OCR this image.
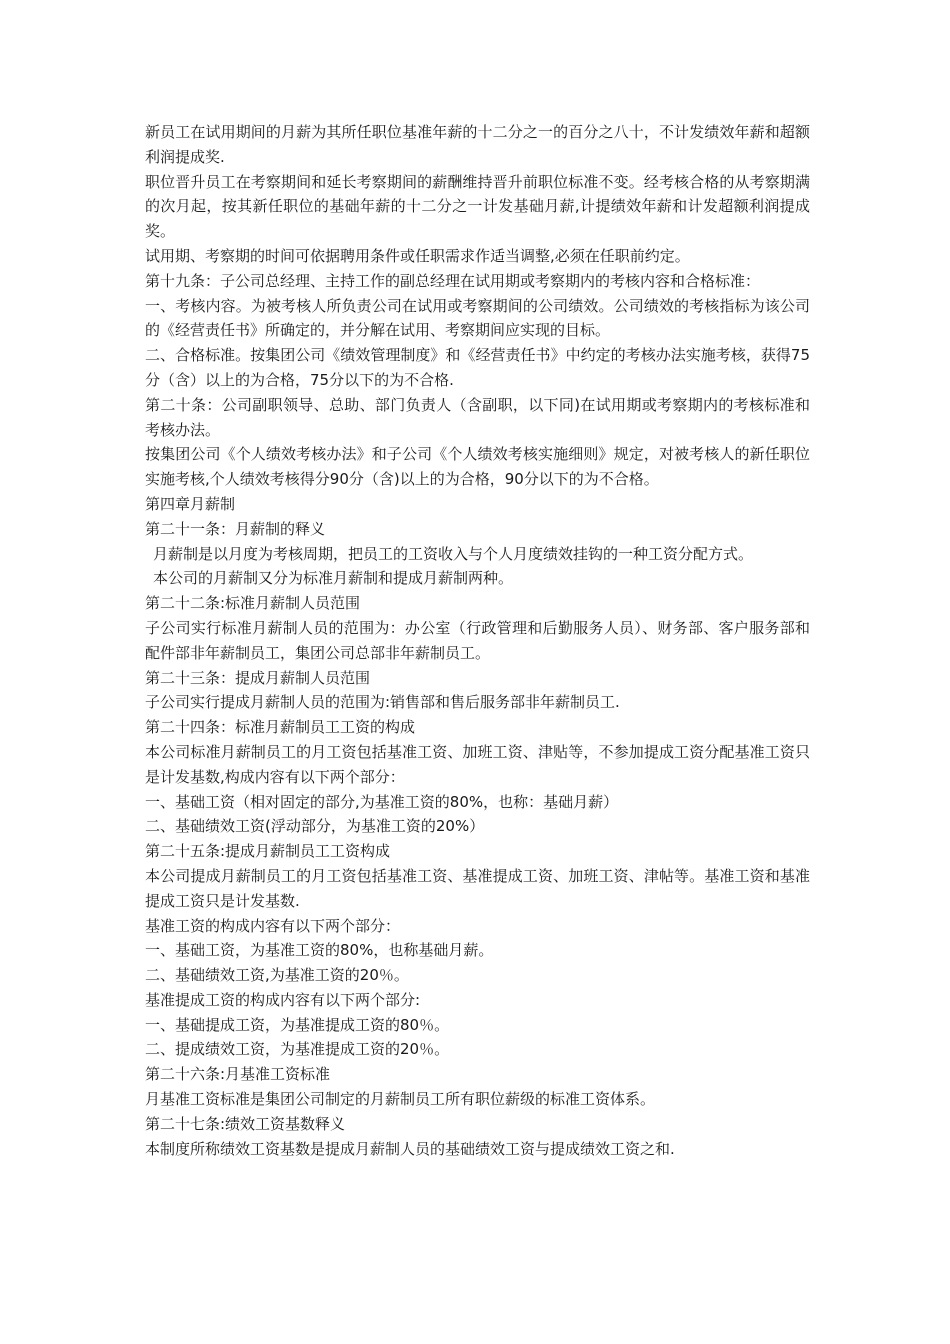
新员工在试用期间的月薪为其所任职位基准年薪的十二分之一的百分之八十，不计发绩效年薪和超额利润提成奖.

职位晋升员工在考察期间和延长考察期间的薪酬维持晋升前职位标准不变。经考核合格的从考察期满的次月起，按其新任职位的基础年薪的十二分之一计发基础月薪,计提绩效年薪和计发超额利润提成奖。

试用期、考察期的时间可依据聘用条件或任职需求作适当调整,必须在任职前约定。

第十九条：子公司总经理、主持工作的副总经理在试用期或考察期内的考核内容和合格标准：

一、考核内容。为被考核人所负责公司在试用或考察期间的公司绩效。公司绩效的考核指标为该公司的《经营责任书》所确定的，并分解在试用、考察期间应实现的目标。

二、合格标准。按集团公司《绩效管理制度》和《经营责任书》中约定的考核办法实施考核，获得75分（含）以上的为合格，75分以下的为不合格.

第二十条：公司副职领导、总助、部门负责人（含副职，以下同)在试用期或考察期内的考核标准和考核办法。

按集团公司《个人绩效考核办法》和子公司《个人绩效考核实施细则》规定，对被考核人的新任职位实施考核,个人绩效考核得分90分（含)以上的为合格，90分以下的为不合格。

第四章月薪制

第二十一条：月薪制的释义

月薪制是以月度为考核周期，把员工的工资收入与个人月度绩效挂钩的一种工资分配方式。

本公司的月薪制又分为标准月薪制和提成月薪制两种。

第二十二条:标准月薪制人员范围

子公司实行标准月薪制人员的范围为：办公室（行政管理和后勤服务人员）、财务部、客户服务部和配件部非年薪制员工，集团公司总部非年薪制员工。

第二十三条：提成月薪制人员范围

子公司实行提成月薪制人员的范围为:销售部和售后服务部非年薪制员工.

第二十四条：标准月薪制员工工资的构成

本公司标准月薪制员工的月工资包括基准工资、加班工资、津贴等，不参加提成工资分配基准工资只是计发基数,构成内容有以下两个部分：

一、基础工资（相对固定的部分,为基准工资的80%，也称：基础月薪）

二、基础绩效工资(浮动部分，为基准工资的20%）

第二十五条:提成月薪制员工工资构成

本公司提成月薪制员工的月工资包括基准工资、基准提成工资、加班工资、津帖等。基准工资和基准提成工资只是计发基数.

基准工资的构成内容有以下两个部分：

一、基础工资，为基准工资的80%，也称基础月薪。

二、基础绩效工资,为基准工资的20％。

基准提成工资的构成内容有以下两个部分:

一、基础提成工资，为基准提成工资的80％。

二、提成绩效工资，为基准提成工资的20％。

第二十六条:月基准工资标准

月基准工资标准是集团公司制定的月薪制员工所有职位薪级的标准工资体系。

第二十七条:绩效工资基数释义

本制度所称绩效工资基数是提成月薪制人员的基础绩效工资与提成绩效工资之和.
